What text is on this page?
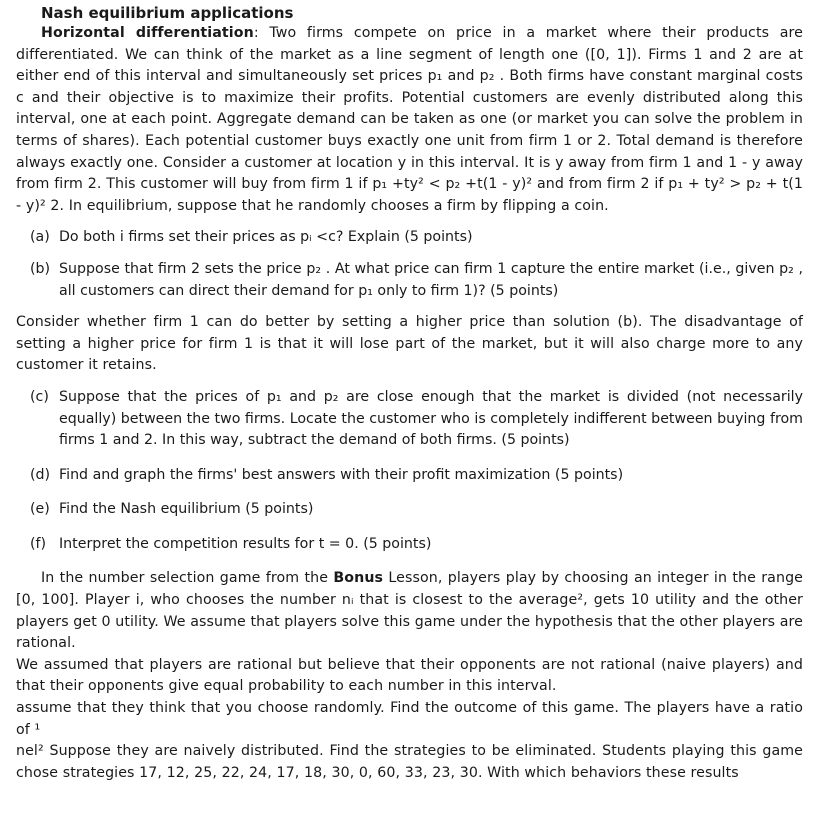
Nash equilibrium applications

Horizontal differentiation: Two firms compete on price in a market where their products are differentiated. We can think of the market as a line segment of length one ([0, 1]). Firms 1 and 2 are at either end of this interval and simultaneously set prices p₁ and p₂ . Both firms have constant marginal costs c and their objective is to maximize their profits. Potential customers are evenly distributed along this interval, one at each point. Aggregate demand can be taken as one (or market you can solve the problem in terms of shares). Each potential customer buys exactly one unit from firm 1 or 2. Total demand is therefore always exactly one. Consider a customer at location y in this interval. It is y away from firm 1 and 1 - y away from firm 2. This customer will buy from firm 1 if p₁ +ty² < p₂ +t(1 - y)² and from firm 2 if p₁ + ty² > p₂ + t(1 - y)² 2. In equilibrium, suppose that he randomly chooses a firm by flipping a coin.

(a) Do both i firms set their prices as pᵢ <c? Explain (5 points)

(b) Suppose that firm 2 sets the price p₂ . At what price can firm 1 capture the entire market (i.e., given p₂ , all customers can direct their demand for p₁ only to firm 1)? (5 points)

Consider whether firm 1 can do better by setting a higher price than solution (b). The disadvantage of setting a higher price for firm 1 is that it will lose part of the market, but it will also charge more to any customer it retains.

(c) Suppose that the prices of p₁ and p₂ are close enough that the market is divided (not necessarily equally) between the two firms. Locate the customer who is completely indifferent between buying from firms 1 and 2. In this way, subtract the demand of both firms. (5 points)

(d) Find and graph the firms' best answers with their profit maximization (5 points)

(e) Find the Nash equilibrium (5 points)

(f) Interpret the competition results for t = 0. (5 points)

In the number selection game from the Bonus Lesson, players play by choosing an integer in the range [0, 100]. Player i, who chooses the number nᵢ that is closest to the average², gets 10 utility and the other players get 0 utility. We assume that players solve this game under the hypothesis that the other players are rational.

We assumed that players are rational but believe that their opponents are not rational (naive players) and that their opponents give equal probability to each number in this interval.

assume that they think that you choose randomly. Find the outcome of this game. The players have a ratio of ¹

nel² Suppose they are naively distributed. Find the strategies to be eliminated. Students playing this game chose strategies 17, 12, 25, 22, 24, 17, 18, 30, 0, 60, 33, 23, 30. With which behaviors these results
